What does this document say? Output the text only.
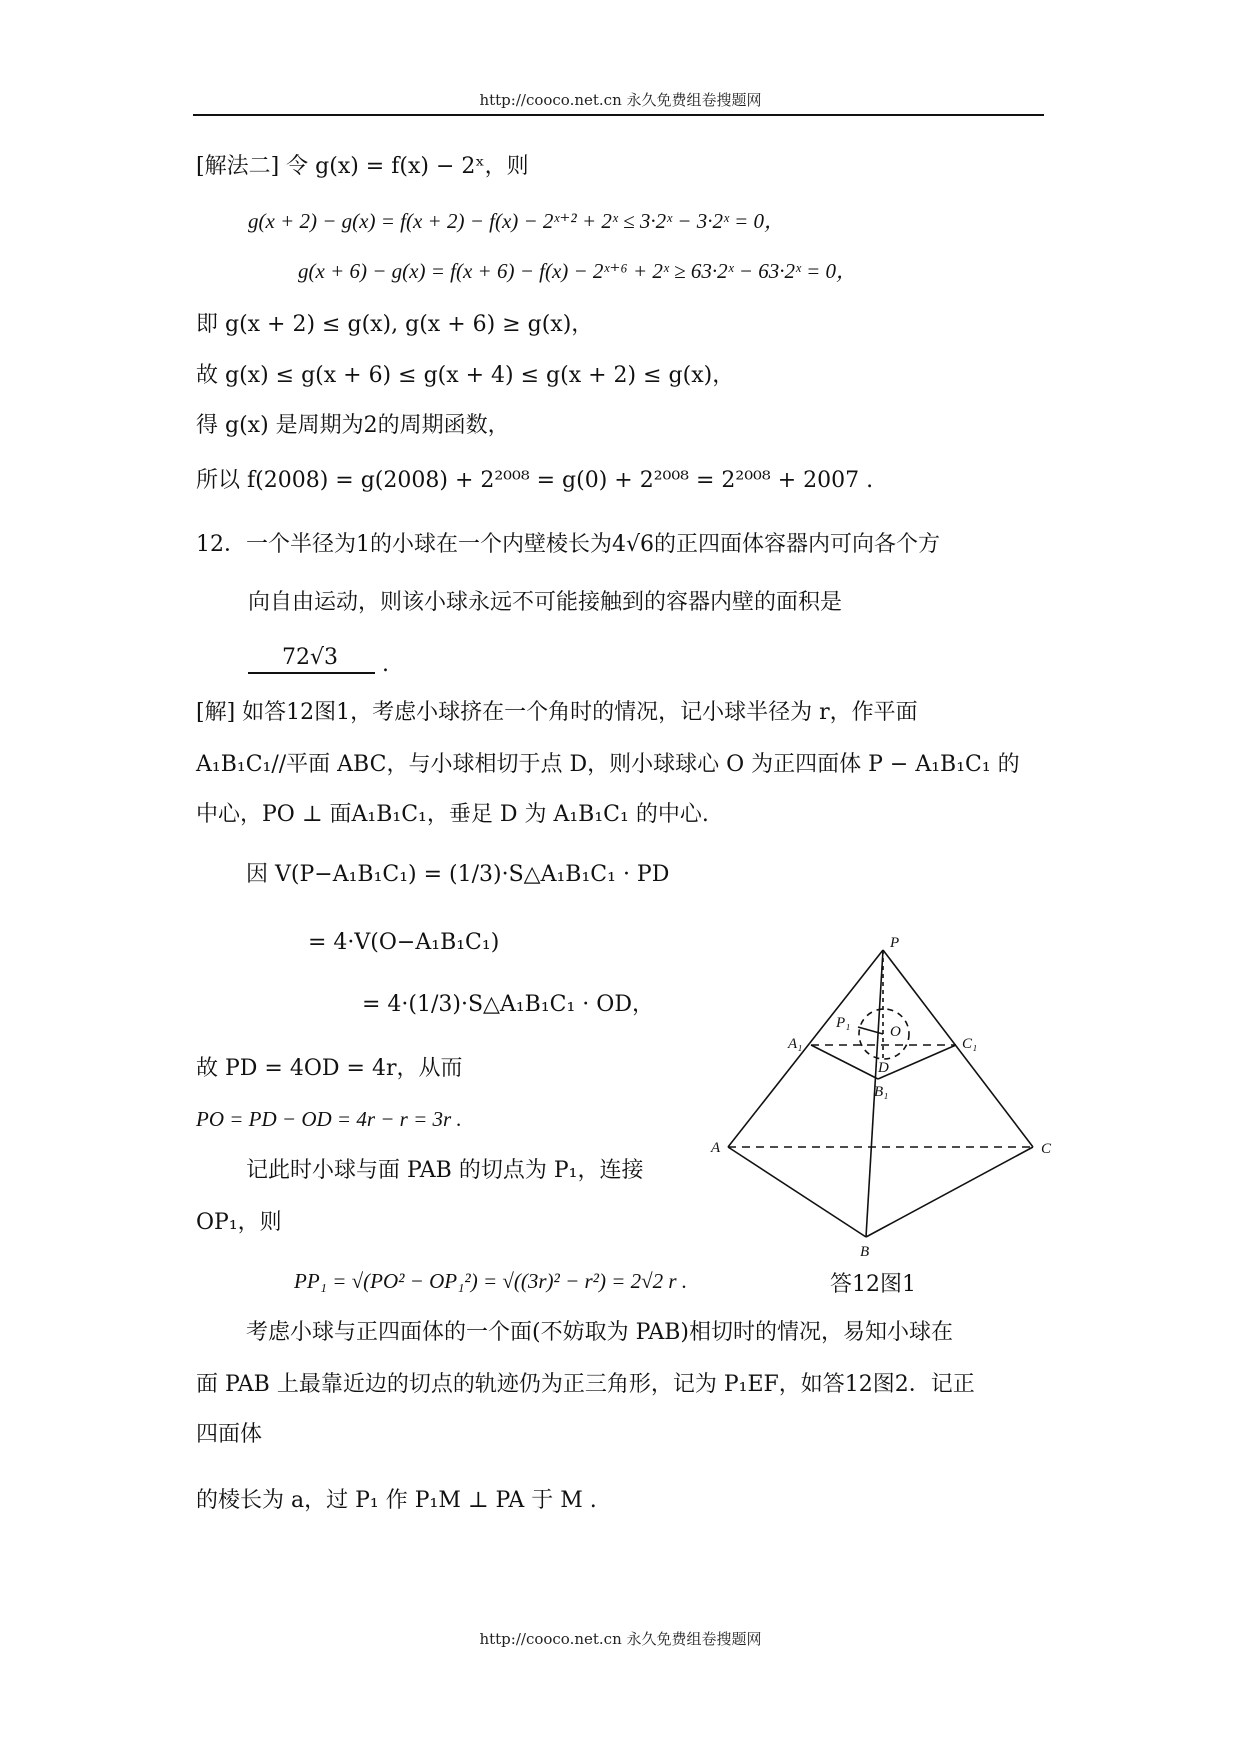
http://cooco.net.cn 永久免费组卷搜题网
[解法二] 令 g(x) = f(x) − 2ˣ，则
g(x + 2) − g(x) = f(x + 2) − f(x) − 2ˣ⁺² + 2ˣ ≤ 3·2ˣ − 3·2ˣ = 0，
g(x + 6) − g(x) = f(x + 6) − f(x) − 2ˣ⁺⁶ + 2ˣ ≥ 63·2ˣ − 63·2ˣ = 0，
即 g(x + 2) ≤ g(x), g(x + 6) ≥ g(x)，
故 g(x) ≤ g(x + 6) ≤ g(x + 4) ≤ g(x + 2) ≤ g(x)，
得 g(x) 是周期为2的周期函数，
所以 f(2008) = g(2008) + 2²⁰⁰⁸ = g(0) + 2²⁰⁰⁸ = 2²⁰⁰⁸ + 2007 .
12．一个半径为1的小球在一个内壁棱长为4√6的正四面体容器内可向各个方
向自由运动，则该小球永远不可能接触到的容器内壁的面积是
72√3 .
[解] 如答12图1，考虑小球挤在一个角时的情况，记小球半径为 r，作平面
A₁B₁C₁//平面 ABC，与小球相切于点 D，则小球球心 O 为正四面体 P − A₁B₁C₁ 的
中心，PO ⊥ 面A₁B₁C₁，垂足 D 为 A₁B₁C₁ 的中心.
因 V(P−A₁B₁C₁) = (1/3)·S△A₁B₁C₁ · PD
= 4·V(O−A₁B₁C₁)
= 4·(1/3)·S△A₁B₁C₁ · OD，
故 PD = 4OD = 4r，从而
PO = PD − OD = 4r − r = 3r .
记此时小球与面 PAB 的切点为 P₁，连接
OP₁，则
PP₁ = √(PO² − OP₁²) = √((3r)² − r²) = 2√2 r .
考虑小球与正四面体的一个面(不妨取为 PAB)相切时的情况，易知小球在
面 PAB 上最靠近边的切点的轨迹仍为正三角形，记为 P₁EF，如答12图2．记正
四面体
的棱长为 a，过 P₁ 作 P₁M ⊥ PA 于 M .
P
A
B
C
A₁
B₁
C₁
P₁
O
D
答12图1
http://cooco.net.cn 永久免费组卷搜题网
